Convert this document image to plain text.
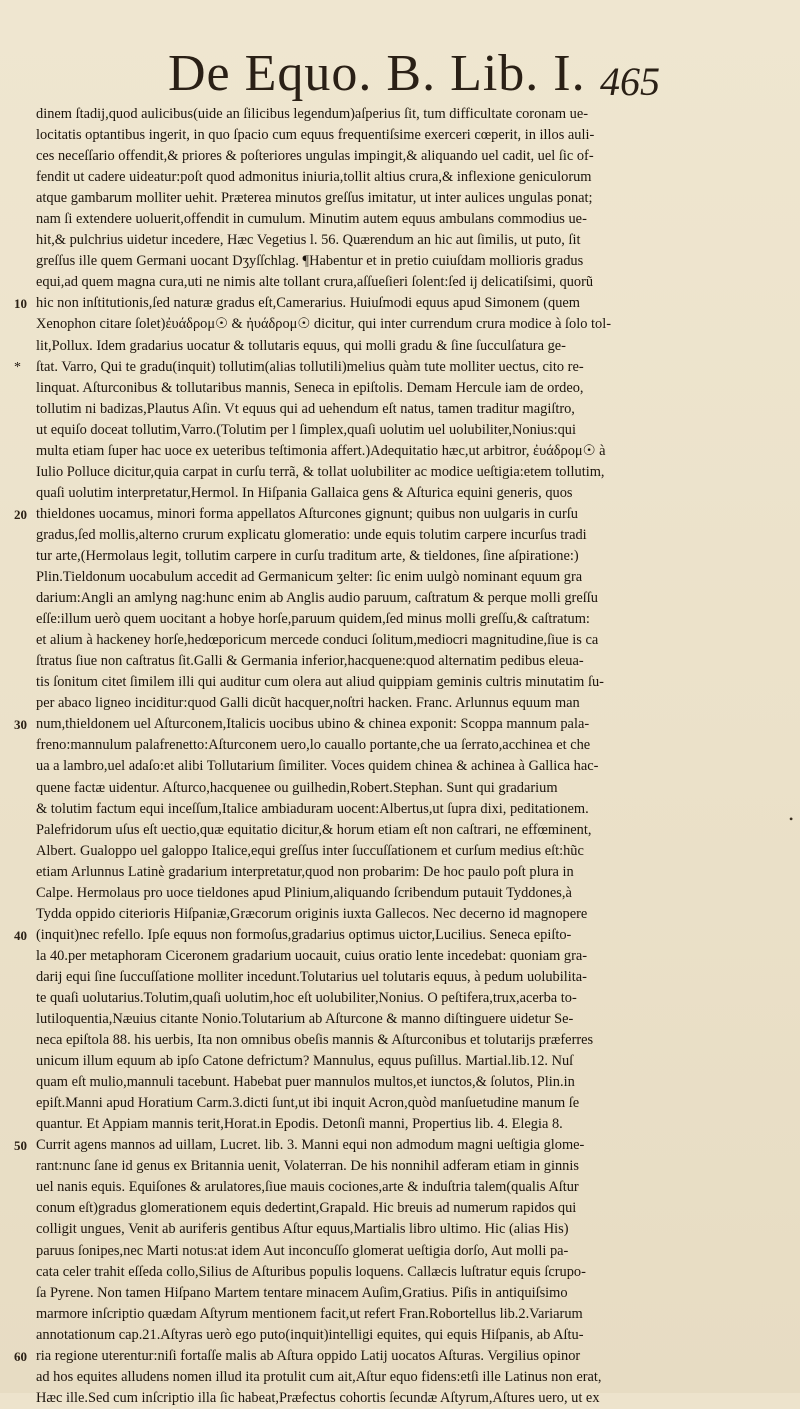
De Equo. B. Lib. I. 465
dinem ſtadij,quod aulicibus(uide an ſilicibus legendum)aſperius ſit, tum difficultate coronam ue-
locitatis optantibus ingerit, in quo ſpacio cum equus frequentiſsime exerceri cœperit, in illos auli-
ces neceſſario offendit,& priores & poſteriores ungulas impingit,& aliquando uel cadit, uel ſic of-
fendit ut cadere uideatur:poſt quod admonitus iniuria,tollit altius crura,& inflexione geniculorum
atque gambarum molliter uehit. Præterea minutos greſſus imitatur, ut inter aulices ungulas ponat;
nam ſi extendere uoluerit,offendit in cumulum. Minutim autem equus ambulans commodius ue-
hit,& pulchrius uidetur incedere, Hæc Vegetius l. 56. Quærendum an hic aut ſimilis, ut puto, ſit
greſſus ille quem Germani uocant Dʒyſſchlag. ¶Habentur et in pretio cuiuſdam mollioris gradus
equi,ad quem magna cura,uti ne nimis alte tollant crura,aſſueſieri ſolent:ſed ij delicatiſsimi, quorũ
10 hic non inſtitutionis,ſed naturæ gradus eſt,Camerarius. Huiuſmodi equus apud Simonem (quem
Xenophon citare ſolet)ἐυάδρομ☉ & ἠυάδρομ☉ dicitur, qui inter currendum crura modice à ſolo tol-
lit,Pollux. Idem gradarius uocatur & tollutaris equus, qui molli gradu & ſine ſucculſatura ge-
* ſtat. Varro, Qui te gradu(inquit) tollutim(alias tollutili)melius quàm tute molliter uectus, cito re-
linquat. Aſturconibus & tollutaribus mannis, Seneca in epiſtolis. Demam Hercule iam de ordeo,
tollutim ni badizas,Plautus Aſin. Vt equus qui ad uehendum eſt natus, tamen traditur magiſtro,
ut equiſo doceat tollutim,Varro.(Tolutim per l ſimplex,quaſi uolutim uel uolubiliter,Nonius:qui
multa etiam ſuper hac uoce ex ueteribus teſtimonia affert.)Adequitatio hæc,ut arbitror, ἐυάδρομ☉ à
Iulio Polluce dicitur,quia carpat in curſu terrã, & tollat uolubiliter ac modice ueſtigia:etem tollutim,
quaſi uolutim interpretatur,Hermol. In Hiſpania Gallaica gens & Aſturica equini generis, quos
20 thieldones uocamus, minori forma appellatos Aſturcones gignunt; quibus non uulgaris in curſu
gradus,ſed mollis,alterno crurum explicatu glomeratio: unde equis tolutim carpere incurſus tradi
tur arte,(Hermolaus legit, tollutim carpere in curſu traditum arte, & tieldones, ſine aſpiratione:)
Plin.Tieldonum uocabulum accedit ad Germanicum ʒelter: ſic enim uulgò nominant equum gra
darium:Angli an amlyng nag:hunc enim ab Anglis audio paruum, caſtratum & perque molli greſſu
eſſe:illum uerò quem uocitant a hobye horſe,paruum quidem,ſed minus molli greſſu,& caſtratum:
et alium à hackeney horſe,hedœporicum mercede conduci ſolitum,mediocri magnitudine,ſiue is ca
ſtratus ſiue non caſtratus ſit.Galli & Germania inferior,hacquene:quod alternatim pedibus eleua-
tis ſonitum citet ſimilem illi qui auditur cum olera aut aliud quippiam geminis cultris minutatim ſu-
per abaco ligneo inciditur:quod Galli dicũt hacquer,noſtri hacken. Franc. Arlunnus equum man
30 num,thieldonem uel Aſturconem,Italicis uocibus ubino & chinea exponit: Scoppa mannum pala-
freno:mannulum palafrenetto:Aſturconem uero,lo cauallo portante,che ua ſerrato,acchinea et che
ua a lambro,uel adaſo:et alibi Tollutarium ſimiliter. Voces quidem chinea & achinea à Gallica hac-
quene factæ uidentur. Aſturco,hacquenee ou guilhedin,Robert.Stephan. Sunt qui gradarium
& tolutim factum equi inceſſum,Italice ambiaduram uocent:Albertus,ut ſupra dixi, peditationem.
Palefridorum uſus eſt uectio,quæ equitatio dicitur,& horum etiam eſt non caſtrari, ne effœminent,
Albert. Gualoppo uel galoppo Italice,equi greſſus inter ſuccuſſationem et curſum medius eſt:hũc
etiam Arlunnus Latinè gradarium interpretatur,quod non probarim: De hoc paulo poſt plura in
Calpe. Hermolaus pro uoce tieldones apud Plinium,aliquando ſcribendum putauit Tyddones,à
Tydda oppido citerioris Hiſpaniæ,Græcorum originis iuxta Gallecos. Nec decerno id magnopere
40 (inquit)nec refello. Ipſe equus non formoſus,gradarius optimus uictor,Lucilius. Seneca epiſto-
la 40.per metaphoram Ciceronem gradarium uocauit, cuius oratio lente incedebat: quoniam gra-
darij equi ſine ſuccuſſatione molliter incedunt.Tolutarius uel tolutaris equus, à pedum uolubilita-
te quaſi uolutarius.Tolutim,quaſi uolutim,hoc eſt uolubiliter,Nonius. O peſtifera,trux,acerba to-
lutiloquentia,Næuius citante Nonio.Tolutarium ab Aſturcone & manno diſtinguere uidetur Se-
neca epiſtola 88. his uerbis, Ita non omnibus obeſis mannis & Aſturconibus et tolutarijs præferres
unicum illum equum ab ipſo Catone defrictum? Mannulus, equus puſillus. Martial.lib.12. Nuſ
quam eſt mulio,mannuli tacebunt. Habebat puer mannulos multos,et iunctos,& ſolutos, Plin.in
epiſt.Manni apud Horatium Carm.3.dicti ſunt,ut ibi inquit Acron,quòd manſuetudine manum ſe
quantur. Et Appiam mannis terit,Horat.in Epodis. Detonſi manni, Propertius lib. 4. Elegia 8.
50 Currit agens mannos ad uillam, Lucret. lib. 3. Manni equi non admodum magni ueſtigia glome-
rant:nunc ſane id genus ex Britannia uenit, Volaterran. De his nonnihil adferam etiam in ginnis
uel nanis equis. Equiſones & arulatores,ſiue mauis cociones,arte & induſtria talem(qualis Aſtur
conum eſt)gradus glomerationem equis dedertint,Grapald. Hic breuis ad numerum rapidos qui
colligit ungues, Venit ab auriferis gentibus Aſtur equus,Martialis libro ultimo. Hic (alias His)
paruus ſonipes,nec Marti notus:at idem Aut inconcuſſo glomerat ueſtigia dorſo, Aut molli pa-
cata celer trahit eſſeda collo,Silius de Aſturibus populis loquens. Callæcis luſtratur equis ſcrupo-
ſa Pyrene. Non tamen Hiſpano Martem tentare minacem Auſim,Gratius. Piſis in antiquiſsimo
marmore inſcriptio quædam Aſtyrum mentionem facit,ut refert Fran.Robortellus lib.2.Variarum
annotationum cap.21.Aſtyras uerò ego puto(inquit)intelligi equites, qui equis Hiſpanis, ab Aſtu-
60 ria regione uterentur:niſi fortaſſe malis ab Aſtura oppido Latij uocatos Aſturas. Vergilius opinor
ad hos equites alludens nomen illud ita protulit cum ait,Aſtur equo fidens:etſi ille Latinus non erat,
Hæc ille.Sed cum inſcriptio illa ſic habeat,Præfectus cohortis ſecundæ Aſtyrum,Aſtures uero, ut ex
•
